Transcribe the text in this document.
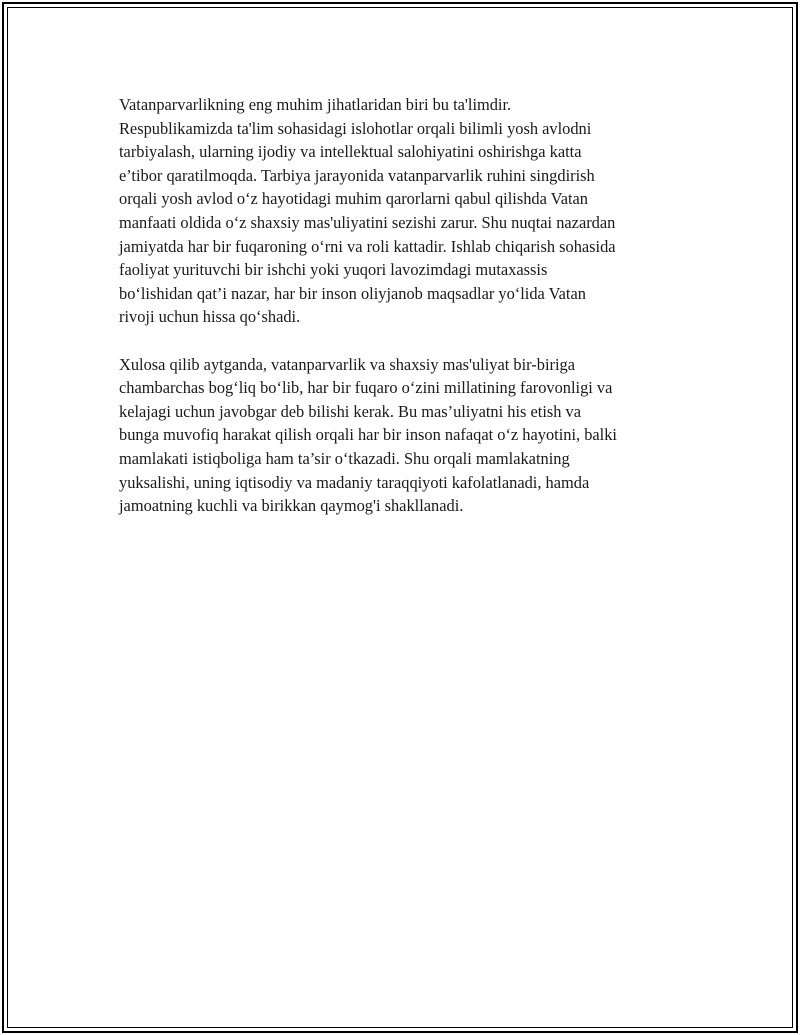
Vatanparvarlikning eng muhim jihatlaridan biri bu ta'limdir.
Respublikamizda ta'lim sohasidagi islohotlar orqali bilimli yosh avlodni
tarbiyalash, ularning ijodiy va intellektual salohiyatini oshirishga katta
e’tibor qaratilmoqda. Tarbiya jarayonida vatanparvarlik ruhini singdirish
orqali yosh avlod o‘z hayotidagi muhim qarorlarni qabul qilishda Vatan
manfaati oldida o‘z shaxsiy mas'uliyatini sezishi zarur. Shu nuqtai nazardan
jamiyatda har bir fuqaroning o‘rni va roli kattadir. Ishlab chiqarish sohasida
faoliyat yurituvchi bir ishchi yoki yuqori lavozimdagi mutaxassis
bo‘lishidan qat’i nazar, har bir inson oliyjanob maqsadlar yo‘lida Vatan
rivoji uchun hissa qo‘shadi.

Xulosa qilib aytganda, vatanparvarlik va shaxsiy mas'uliyat bir-biriga
chambarchas bog‘liq bo‘lib, har bir fuqaro o‘zini millatining farovonligi va
kelajagi uchun javobgar deb bilishi kerak. Bu mas’uliyatni his etish va
bunga muvofiq harakat qilish orqali har bir inson nafaqat o‘z hayotini, balki
mamlakati istiqboliga ham ta’sir o‘tkazadi. Shu orqali mamlakatning
yuksalishi, uning iqtisodiy va madaniy taraqqiyoti kafolatlanadi, hamda
jamoatning kuchli va birikkan qaymog'i shakllanadi.
